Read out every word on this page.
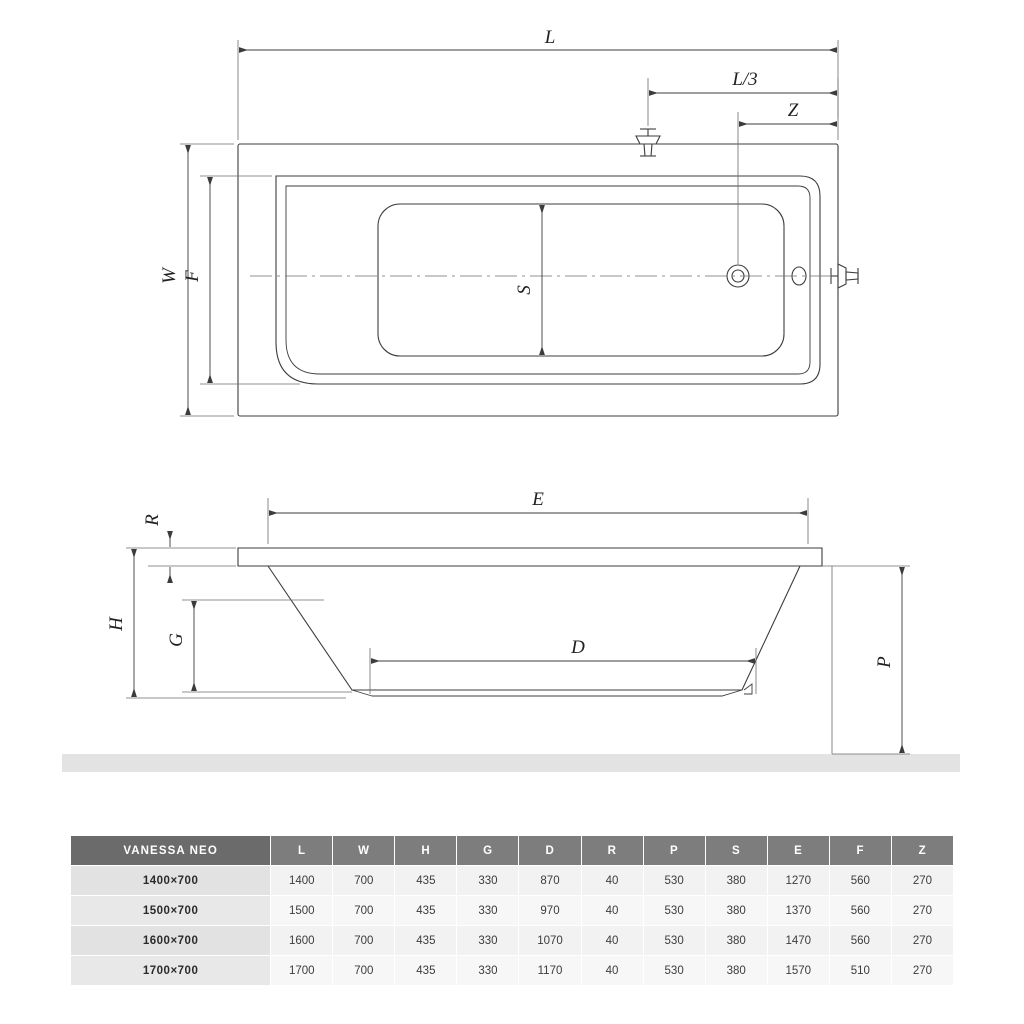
L
L/3
Z
W F
S
E
R
H
G	D
P
VANESSA NEO	L	W	H	G	D	R	P	S	E	F	Z
1400×700	1400	700	435	330	870	40	530	380	1270	560	270
1500×700	1500	700	435	330	970	40	530	380	1370	560	270
1600×700	1600	700	435	330	1070	40	530	380	1470	560	270
1700×700	1700	700	435	330	1170	40	530	380	1570	510	270
